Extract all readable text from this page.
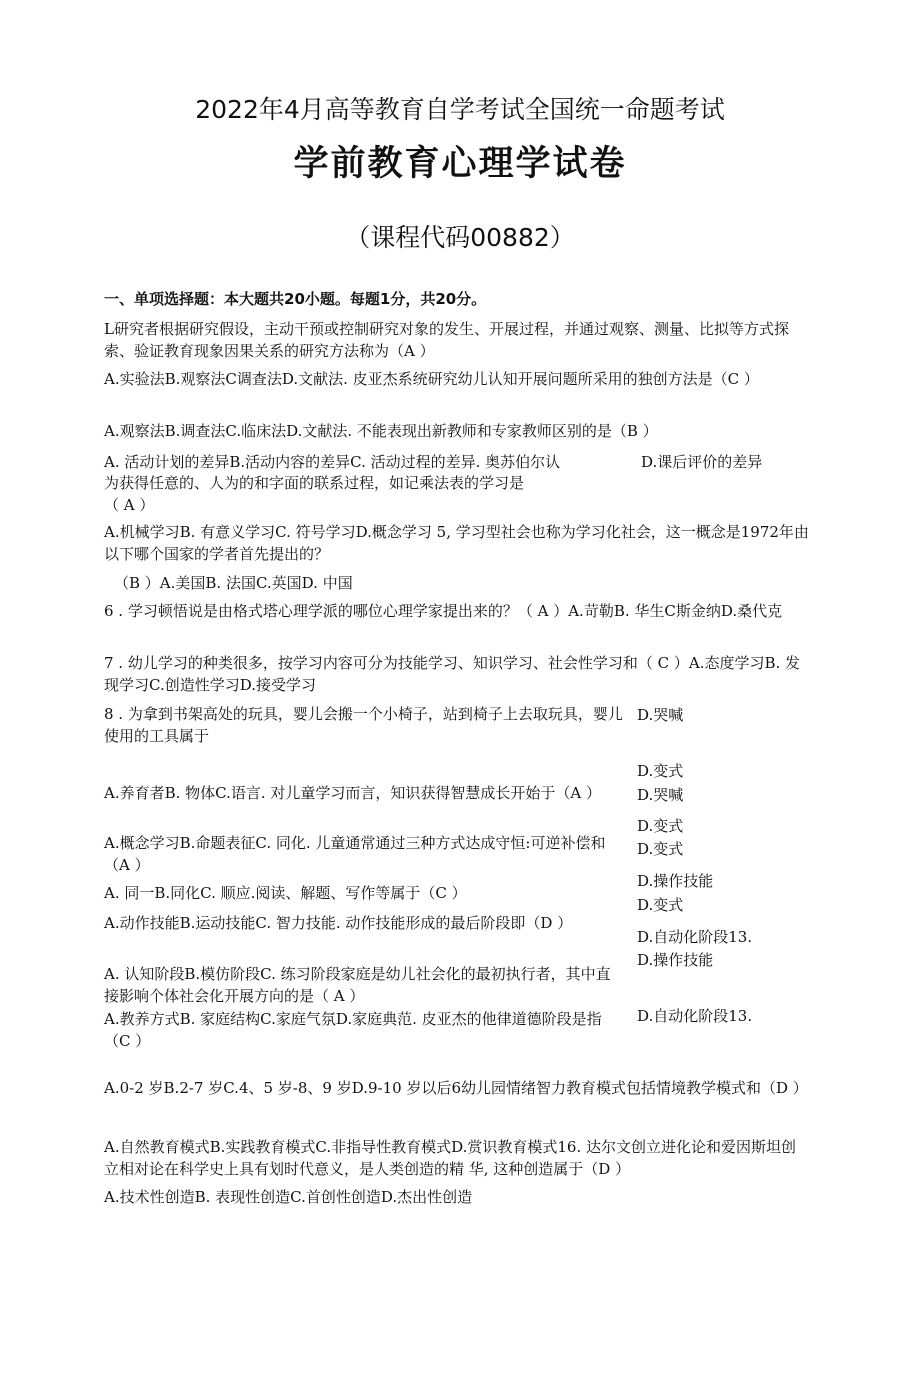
2022年4月高等教育自学考试全国统一命题考试
学前教育心理学试卷
（课程代码00882）
一、单项选择题：本大题共20小题。每题1分，共20分。
L研究者根据研究假设，主动干预或控制研究对象的发生、开展过程，并通过观察、测量、比拟等方式探索、验证教育现象因果关系的研究方法称为（A ）
A.实验法B.观察法C调查法D.文献法. 皮亚杰系统研究幼儿认知开展问题所采用的独创方法是（C ）
A.观察法B.调查法C.临床法D.文献法. 不能表现出新教师和专家教师区别的是（B ）
A. 活动计划的差异B.活动内容的差异C. 活动过程的差异. 奥苏伯尔认	D.课后评价的差异
为获得任意的、人为的和字面的联系过程，如记乘法表的学习是
（ A ）
A.机械学习B. 有意义学习C. 符号学习D.概念学习 5, 学习型社会也称为学习化社会，这一概念是1972年由以下哪个国家的学者首先提出的？
（B ）A.美国B. 法国C.英国D. 中国
6 . 学习顿悟说是由格式塔心理学派的哪位心理学家提出来的？（ A ）A.苛勒B. 华生C斯金纳D.桑代克
7 . 幼儿学习的种类很多，按学习内容可分为技能学习、知识学习、社会性学习和（ C ）A.态度学习B. 发现学习C.创造性学习D.接受学习
8 . 为拿到书架高处的玩具，婴儿会搬一个小椅子，站到椅子上去取玩具，婴儿使用的工具属于
A.养育者B. 物体C.语言. 对儿童学习而言，知识获得智慧成长开始于（A ）
A.概念学习B.命题表征C. 同化. 儿童通常通过三种方式达成守恒:可逆补偿和（A ）
A. 同一B.同化C. 顺应.阅读、解题、写作等属于（C ）
A.动作技能B.运动技能C. 智力技能. 动作技能形成的最后阶段即（D ）
A. 认知阶段B.模仿阶段C. 练习阶段家庭是幼儿社会化的最初执行者，其中直接影响个体社会化开展方向的是（ A ）
A.教养方式B. 家庭结构C.家庭气氛D.家庭典范. 皮亚杰的他律道德阶段是指（C ）
A.0-2 岁B.2-7 岁C.4、5 岁-8、9 岁D.9-10 岁以后6幼儿园情绪智力教育模式包括情境教学模式和（D ）
A.自然教育模式B.实践教育模式C.非指导性教育模式D.赏识教育模式16. 达尔文创立进化论和爱因斯坦创立相对论在科学史上具有划时代意义，是人类创造的精 华, 这种创造属于（D ）
A.技术性创造B. 表现性创造C.首创性创造D.杰出性创造
D.哭喊
D.变式
D.哭喊
D.变式
D.变式
D.操作技能
D.变式
D.自动化阶段13.
D.操作技能
D.自动化阶段13.
